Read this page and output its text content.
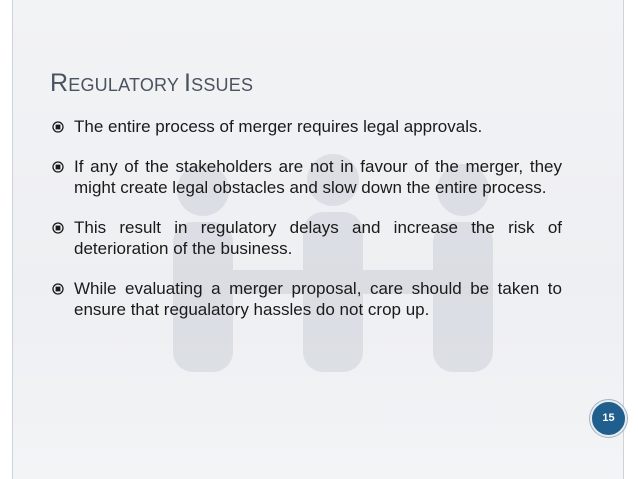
REGULATORY ISSUES
The entire process of merger requires legal approvals.
If any of the stakeholders are not in favour of the merger, they might create legal obstacles and slow down the entire process.
This result in regulatory delays and increase the risk of deterioration of the business.
While evaluating a merger proposal, care should be taken to ensure that regualatory hassles do not crop up.
15
